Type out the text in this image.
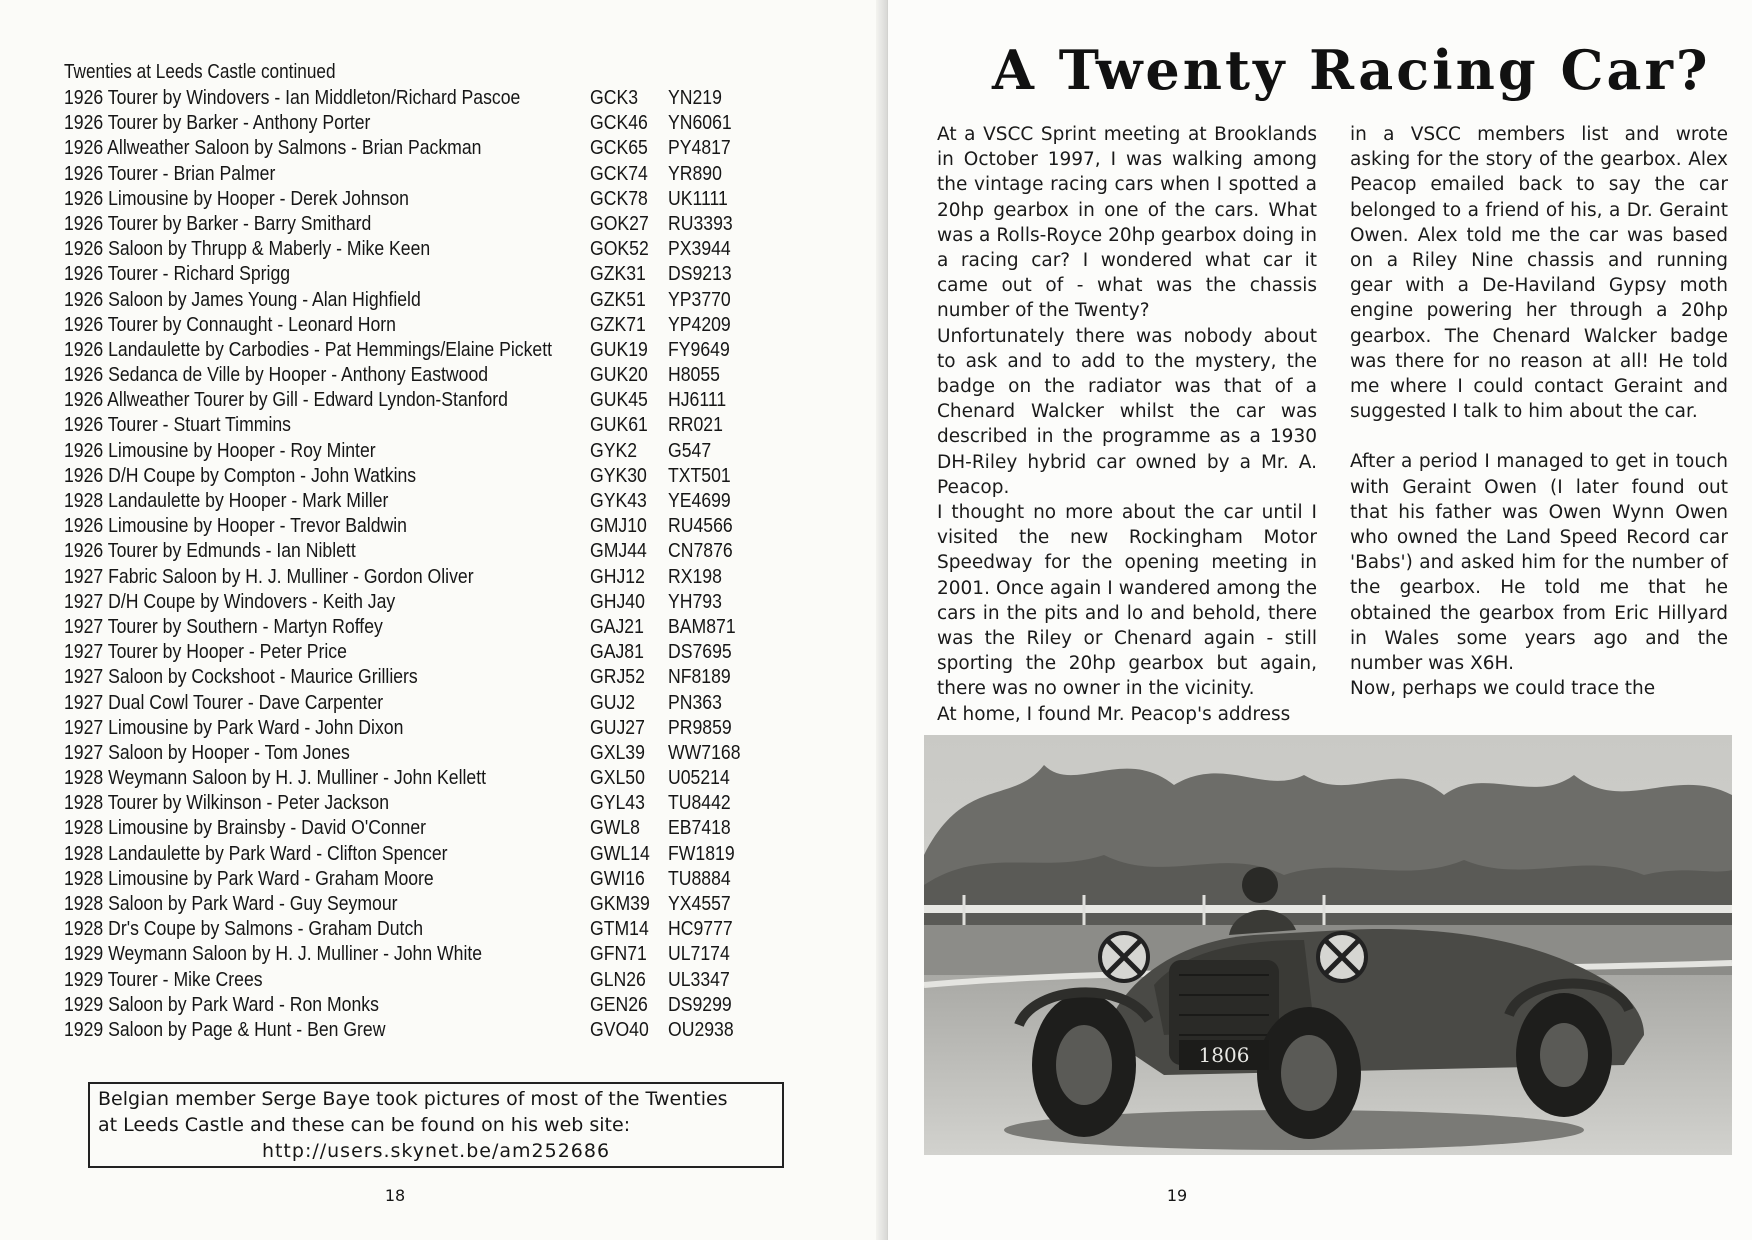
Twenties at Leeds Castle continued
1926 Tourer by Windovers - Ian Middleton/Richard Pascoe	GCK3 YN219
1926 Tourer by Barker - Anthony Porter	GCK46 YN6061
1926 Allweather Saloon by Salmons - Brian Packman	GCK65 PY4817
1926 Tourer - Brian Palmer	GCK74 YR890
1926 Limousine by Hooper - Derek Johnson	GCK78 UK1111
1926 Tourer by Barker - Barry Smithard	GOK27 RU3393
1926 Saloon by Thrupp & Maberly - Mike Keen	GOK52 PX3944
1926 Tourer - Richard Sprigg	GZK31 DS9213
1926 Saloon by James Young - Alan Highfield	GZK51 YP3770
1926 Tourer by Connaught - Leonard Horn	GZK71 YP4209
1926 Landaulette by Carbodies - Pat Hemmings/Elaine Pickett GUK19 FY9649
1926 Sedanca de Ville by Hooper - Anthony Eastwood	GUK20 H8055
1926 Allweather Tourer by Gill - Edward Lyndon-Stanford	GUK45 HJ6111
1926 Tourer - Stuart Timmins	GUK61 RR021
1926 Limousine by Hooper - Roy Minter	GYK2 G547
1926 D/H Coupe by Compton - John Watkins	GYK30 TXT501
1928 Landaulette by Hooper - Mark Miller	GYK43 YE4699
1926 Limousine by Hooper - Trevor Baldwin	GMJ10 RU4566
1926 Tourer by Edmunds - Ian Niblett	GMJ44 CN7876
1927 Fabric Saloon by H. J. Mulliner - Gordon Oliver	GHJ12 RX198
1927 D/H Coupe by Windovers - Keith Jay	GHJ40 YH793
1927 Tourer by Southern - Martyn Roffey	GAJ21 BAM871
1927 Tourer by Hooper - Peter Price	GAJ81 DS7695
1927 Saloon by Cockshoot - Maurice Grilliers	GRJ52 NF8189
1927 Dual Cowl Tourer - Dave Carpenter	GUJ2 PN363
1927 Limousine by Park Ward - John Dixon	GUJ27 PR9859
1927 Saloon by Hooper - Tom Jones	GXL39 WW7168
1928 Weymann Saloon by H. J. Mulliner - John Kellett	GXL50 U05214
1928 Tourer by Wilkinson - Peter Jackson	GYL43 TU8442
1928 Limousine by Brainsby - David O'Conner	GWL8 EB7418
1928 Landaulette by Park Ward - Clifton Spencer	GWL14 FW1819
1928 Limousine by Park Ward - Graham Moore	GWI16 TU8884
1928 Saloon by Park Ward - Guy Seymour	GKM39 YX4557
1928 Dr's Coupe by Salmons - Graham Dutch	GTM14 HC9777
1929 Weymann Saloon by H. J. Mulliner - John White	GFN71 UL7174
1929 Tourer - Mike Crees	GLN26 UL3347
1929 Saloon by Park Ward - Ron Monks	GEN26 DS9299
1929 Saloon by Page & Hunt - Ben Grew	GVO40 OU2938
Belgian member Serge Baye took pictures of most of the Twenties
at Leeds Castle and these can be found on his web site:
http://users.skynet.be/am252686
18
A Twenty Racing Car?

At a VSCC Sprint meeting at Brooklands in October 1997, I was walking among the vintage racing cars when I spotted a 20hp gearbox in one of the cars. What was a Rolls-Royce 20hp gearbox doing in a racing car? I wondered what car it came out of - what was the chassis number of the Twenty?

Unfortunately there was nobody about to ask and to add to the mystery, the badge on the radiator was that of a Chenard Walcker whilst the car was described in the programme as a 1930 DH-Riley hybrid car owned by a Mr. A. Peacop.

I thought no more about the car until I visited the new Rockingham Motor Speedway for the opening meeting in 2001. Once again I wandered among the cars in the pits and lo and behold, there was the Riley or Chenard again - still sporting the 20hp gearbox but again, there was no owner in the vicinity.

At home, I found Mr. Peacop's address

in a VSCC members list and wrote asking for the story of the gearbox. Alex Peacop emailed back to say the car belonged to a friend of his, a Dr. Geraint Owen. Alex told me the car was based on a Riley Nine chassis and running gear with a De-Haviland Gypsy moth engine powering her through a 20hp gearbox. The Chenard Walcker badge was there for no reason at all! He told me where I could contact Geraint and suggested I talk to him about the car.

After a period I managed to get in touch with Geraint Owen (I later found out that his father was Owen Wynn Owen who owned the Land Speed Record car 'Babs') and asked him for the number of the gearbox. He told me that he obtained the gearbox from Eric Hillyard in Wales some years ago and the number was X6H.

Now, perhaps we could trace the

1806
19
